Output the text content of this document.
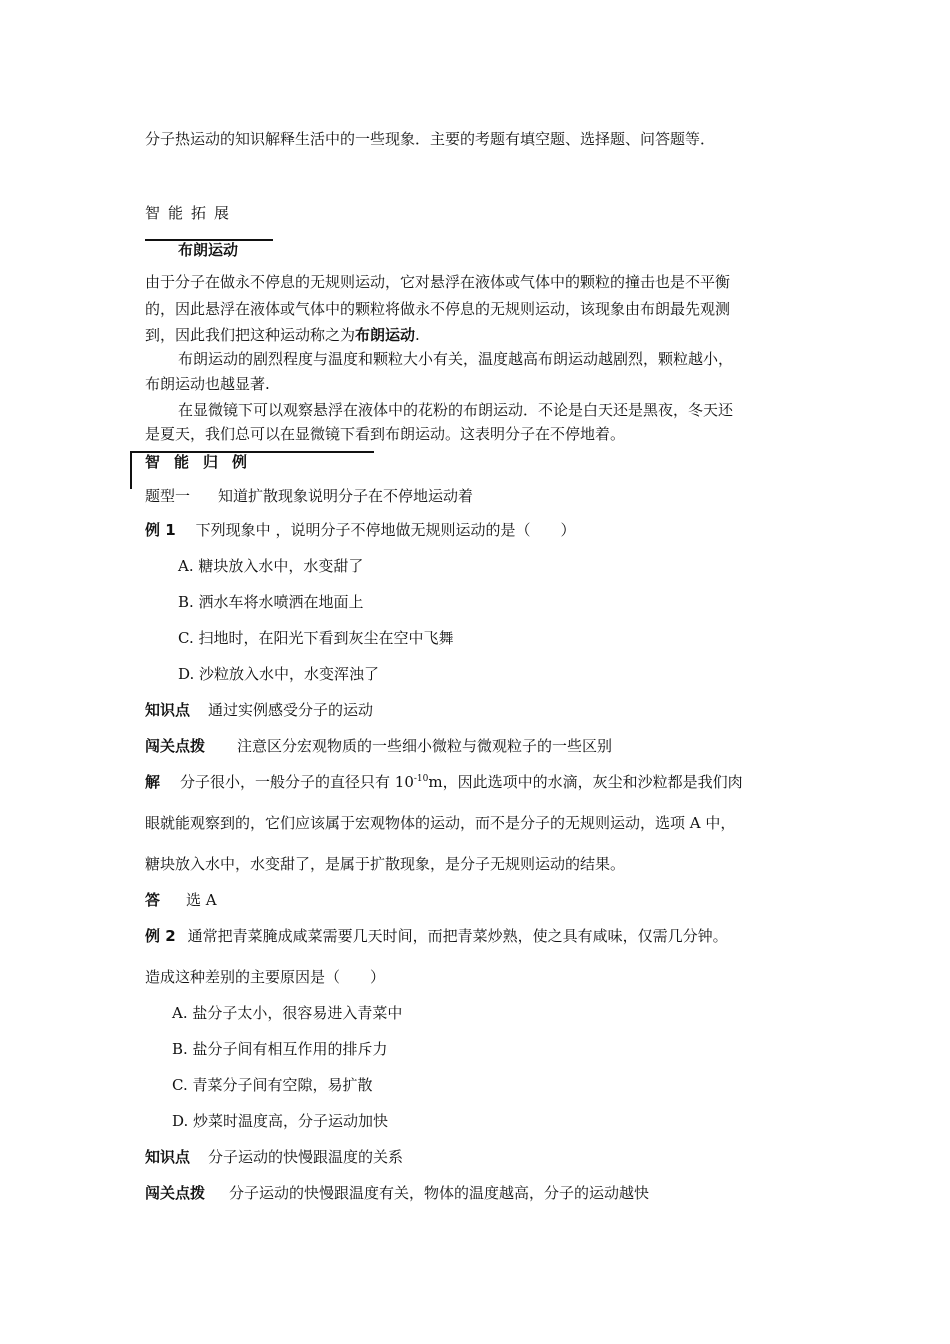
分子热运动的知识解释生活中的一些现象．主要的考题有填空题、选择题、问答题等．
智能拓展
布朗运动
由于分子在做永不停息的无规则运动，它对悬浮在液体或气体中的颗粒的撞击也是不平衡
的，因此悬浮在液体或气体中的颗粒将做永不停息的无规则运动，该现象由布朗最先观测
到，因此我们把这种运动称之为布朗运动.
布朗运动的剧烈程度与温度和颗粒大小有关，温度越高布朗运动越剧烈，颗粒越小，
布朗运动也越显著.
在显微镜下可以观察悬浮在液体中的花粉的布朗运动．不论是白天还是黑夜，冬天还
是夏天，我们总可以在显微镜下看到布朗运动。这表明分子在不停地着。
智能归例
题型一 知道扩散现象说明分子在不停地运动着
例 1 下列现象中 ，说明分子不停地做无规则运动的是（　　）
A. 糖块放入水中，水变甜了
B. 洒水车将水喷洒在地面上
C. 扫地时，在阳光下看到灰尘在空中飞舞
D. 沙粒放入水中，水变浑浊了
知识点 通过实例感受分子的运动
闯关点拨 注意区分宏观物质的一些细小微粒与微观粒子的一些区别
解 分子很小，一般分子的直径只有 $10^{-10}m$，因此选项中的水滴，灰尘和沙粒都是我们肉
眼就能观察到的，它们应该属于宏观物体的运动，而不是分子的无规则运动，选项 A 中，
糖块放入水中，水变甜了，是属于扩散现象，是分子无规则运动的结果。
答 选 A
例 2 通常把青菜腌成咸菜需要几天时间，而把青菜炒熟，使之具有咸味，仅需几分钟。
造成这种差别的主要原因是（　　）
A. 盐分子太小，很容易进入青菜中
B. 盐分子间有相互作用的排斥力
C. 青菜分子间有空隙，易扩散
D. 炒菜时温度高，分子运动加快
知识点 分子运动的快慢跟温度的关系
闯关点拨 分子运动的快慢跟温度有关，物体的温度越高，分子的运动越快
